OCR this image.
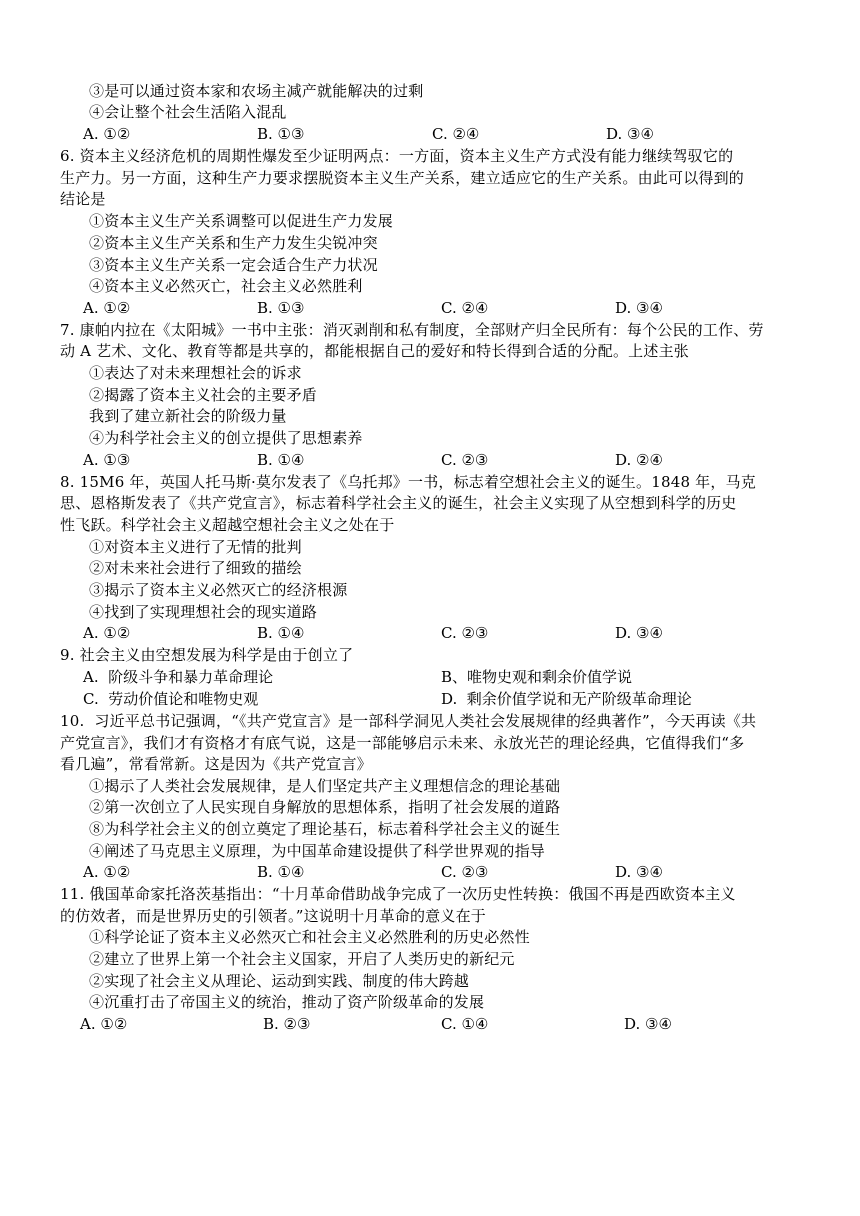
③是可以通过资本家和农场主减产就能解决的过剩
④会让整个社会生活陷入混乱
A. ①②	B. ①③	C. ②④	D. ③④
6. 资本主义经济危机的周期性爆发至少证明两点：一方面，资本主义生产方式没有能力继续驾驭它的
生产力。另一方面，这种生产力要求摆脱资本主义生产关系，建立适应它的生产关系。由此可以得到的
结论是
①资本主义生产关系调整可以促进生产力发展
②资本主义生产关系和生产力发生尖锐冲突
③资本主义生产关系一定会适合生产力状况
④资本主义必然灭亡，社会主义必然胜利
A. ①②	B. ①③	C. ②④	D. ③④
7. 康帕内拉在《太阳城》一书中主张：消灭剥削和私有制度，全部财产归全民所有：每个公民的工作、劳
动 A 艺术、文化、教育等都是共享的，都能根据自己的爱好和特长得到合适的分配。上述主张
①表达了对未来理想社会的诉求
②揭露了资本主义社会的主要矛盾
我到了建立新社会的阶级力量
④为科学社会主义的创立提供了思想素养
A. ①③	B. ①④	C. ②③	D. ②④
8. 15M6 年，英国人托马斯·莫尔发表了《乌托邦》一书，标志着空想社会主义的诞生。1848 年，马克
思、恩格斯发表了《共产党宣言》，标志着科学社会主义的诞生，社会主义实现了从空想到科学的历史
性飞跃。科学社会主义超越空想社会主义之处在于
①对资本主义进行了无情的批判
②对未来社会进行了细致的描绘
③揭示了资本主义必然灭亡的经济根源
④找到了实现理想社会的现实道路
A. ①②	B. ①④	C. ②③	D. ③④
9. 社会主义由空想发展为科学是由于创立了
A.  阶级斗争和暴力革命理论	B、唯物史观和剩余价值学说
C.  劳动价值论和唯物史观	D.  剩余价值学说和无产阶级革命理论
10.  习近平总书记强调，“《共产党宣言》是一部科学洞见人类社会发展规律的经典著作”，今天再读《共
产党宣言》，我们才有资格才有底气说，这是一部能够启示未来、永放光芒的理论经典，它值得我们“多
看几遍”，常看常新。这是因为《共产党宣言》
①揭示了人类社会发展规律，是人们坚定共产主义理想信念的理论基础
②第一次创立了人民实现自身解放的思想体系，指明了社会发展的道路
⑧为科学社会主义的创立奠定了理论基石，标志着科学社会主义的诞生
④阐述了马克思主义原理，为中国革命建设提供了科学世界观的指导
A. ①②	B. ①④	C. ②③	D. ③④
11. 俄国革命家托洛茨基指出：“十月革命借助战争完成了一次历史性转换：俄国不再是西欧资本主义
的仿效者，而是世界历史的引领者。”这说明十月革命的意义在于
①科学论证了资本主义必然灭亡和社会主义必然胜利的历史必然性
②建立了世界上第一个社会主义国家，开启了人类历史的新纪元
②实现了社会主义从理论、运动到实践、制度的伟大跨越
④沉重打击了帝国主义的统治，推动了资产阶级革命的发展
A. ①②	B. ②③	C. ①④	D. ③④
